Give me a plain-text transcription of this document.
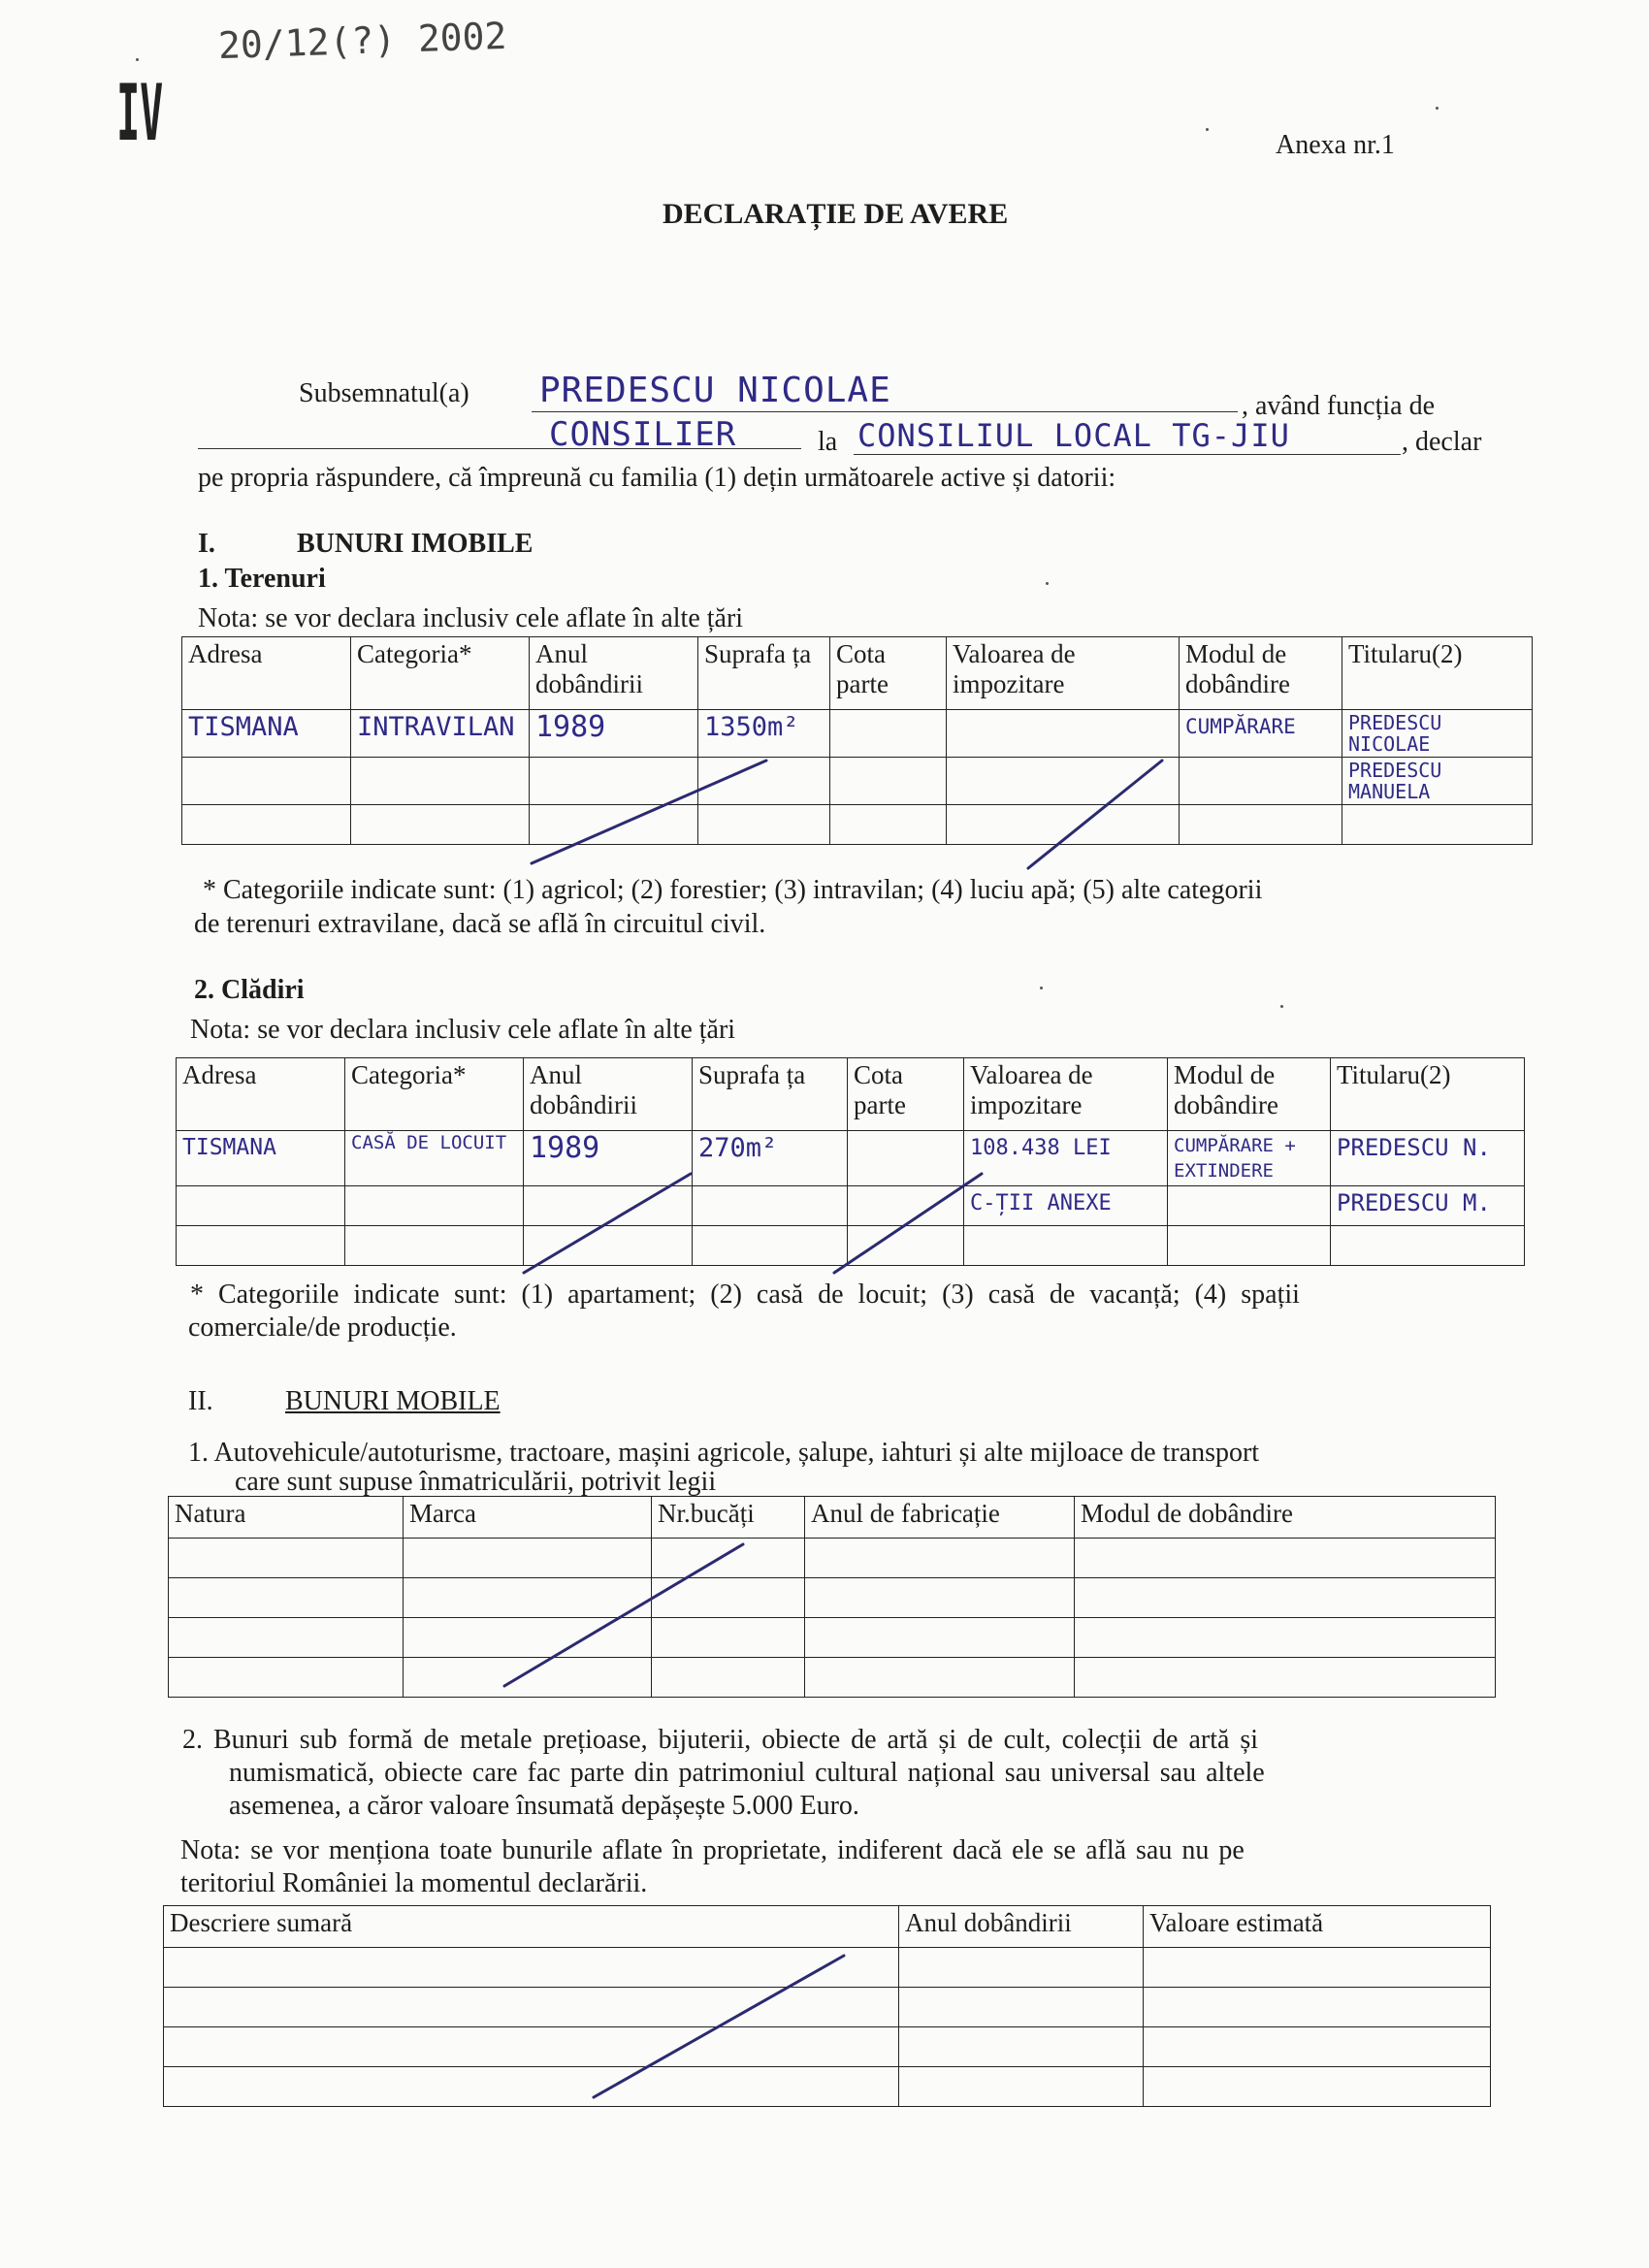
20/12(?) 2002
IV	Anexa nr.1
DECLARAȚIE DE AVERE
Subsemnatul(a) PREDESCU NICOLAE	, având funcția de
CONSILIER	la CONSILIUL LOCAL TG-JIU	, declar
pe propria răspundere, că împreună cu familia (1) dețin următoarele active și datorii:
I.	BUNURI IMOBILE
1. Terenuri
Nota: se vor declara inclusiv cele aflate în alte țări
Adresa	Categoria*	Anul dobândirii	Suprafa ța	Cota parte	Valoarea de impozitare	Modul de dobândire	Titularu(2)
TISMANA	INTRAVILAN	1989	1350m²			CUMPĂRARE	PREDESCU NICOLAE
							PREDESCU MANUELA

* Categoriile indicate sunt: (1) agricol; (2) forestier; (3) intravilan; (4) luciu apă; (5) alte categorii
de terenuri extravilane, dacă se află în circuitul civil.
2. Clădiri
Nota: se vor declara inclusiv cele aflate în alte țări
Adresa	Categoria*	Anul dobândirii	Suprafa ța	Cota parte	Valoarea de impozitare	Modul de dobândire	Titularu(2)
TISMANA	CASĂ DE LOCUIT	1989	270m²		108.438 LEI	CUMPĂRARE + EXTINDERE	PREDESCU N.
					C-ȚII ANEXE		PREDESCU M.

* Categoriile indicate sunt: (1) apartament; (2) casă de locuit; (3) casă de vacanță; (4) spații
comerciale/de producție.
II.	BUNURI MOBILE
1. Autovehicule/autoturisme, tractoare, mașini agricole, șalupe, iahturi și alte mijloace de transport
care sunt supuse înmatriculării, potrivit legii
Natura	Marca	Nr.bucăți	Anul de fabricație	Modul de dobândire

2. Bunuri sub formă de metale prețioase, bijuterii, obiecte de artă și de cult, colecții de artă și
numismatică, obiecte care fac parte din patrimoniul cultural național sau universal sau altele
asemenea, a căror valoare însumată depășește 5.000 Euro.
Nota: se vor menționa toate bunurile aflate în proprietate, indiferent dacă ele se află sau nu pe
teritoriul României la momentul declarării.
Descriere sumară	Anul dobândirii	Valoare estimată
